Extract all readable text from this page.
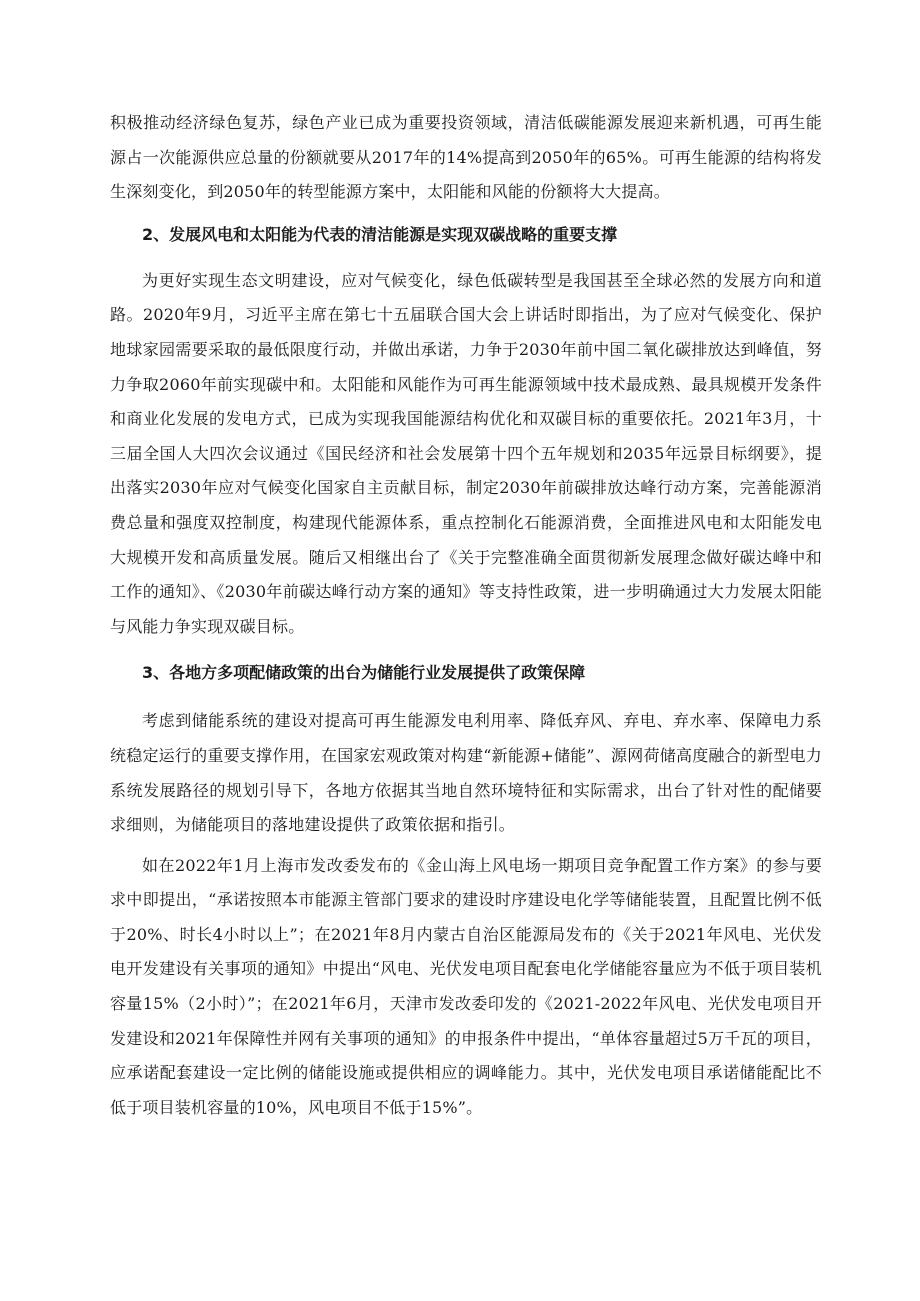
积极推动经济绿色复苏，绿色产业已成为重要投资领域，清洁低碳能源发展迎来新机遇，可再生能源占一次能源供应总量的份额就要从2017年的14%提高到2050年的65%。可再生能源的结构将发生深刻变化，到2050年的转型能源方案中，太阳能和风能的份额将大大提高。

2、发展风电和太阳能为代表的清洁能源是实现双碳战略的重要支撑

为更好实现生态文明建设，应对气候变化，绿色低碳转型是我国甚至全球必然的发展方向和道路。2020年9月，习近平主席在第七十五届联合国大会上讲话时即指出，为了应对气候变化、保护地球家园需要采取的最低限度行动，并做出承诺，力争于2030年前中国二氧化碳排放达到峰值，努力争取2060年前实现碳中和。太阳能和风能作为可再生能源领域中技术最成熟、最具规模开发条件和商业化发展的发电方式，已成为实现我国能源结构优化和双碳目标的重要依托。2021年3月，十三届全国人大四次会议通过《国民经济和社会发展第十四个五年规划和2035年远景目标纲要》，提出落实2030年应对气候变化国家自主贡献目标，制定2030年前碳排放达峰行动方案，完善能源消费总量和强度双控制度，构建现代能源体系，重点控制化石能源消费，全面推进风电和太阳能发电大规模开发和高质量发展。随后又相继出台了《关于完整准确全面贯彻新发展理念做好碳达峰中和工作的通知》、《2030年前碳达峰行动方案的通知》等支持性政策，进一步明确通过大力发展太阳能与风能力争实现双碳目标。

3、各地方多项配储政策的出台为储能行业发展提供了政策保障

考虑到储能系统的建设对提高可再生能源发电利用率、降低弃风、弃电、弃水率、保障电力系统稳定运行的重要支撑作用，在国家宏观政策对构建“新能源+储能”、源网荷储高度融合的新型电力系统发展路径的规划引导下，各地方依据其当地自然环境特征和实际需求，出台了针对性的配储要求细则，为储能项目的落地建设提供了政策依据和指引。

如在2022年1月上海市发改委发布的《金山海上风电场一期项目竞争配置工作方案》的参与要求中即提出，“承诺按照本市能源主管部门要求的建设时序建设电化学等储能装置，且配置比例不低于20%、时长4小时以上”；在2021年8月内蒙古自治区能源局发布的《关于2021年风电、光伏发电开发建设有关事项的通知》中提出“风电、光伏发电项目配套电化学储能容量应为不低于项目装机容量15%（2小时）”；在2021年6月，天津市发改委印发的《2021-2022年风电、光伏发电项目开发建设和2021年保障性并网有关事项的通知》的申报条件中提出，“单体容量超过5万千瓦的项目，应承诺配套建设一定比例的储能设施或提供相应的调峰能力。其中，光伏发电项目承诺储能配比不低于项目装机容量的10%，风电项目不低于15%”。
